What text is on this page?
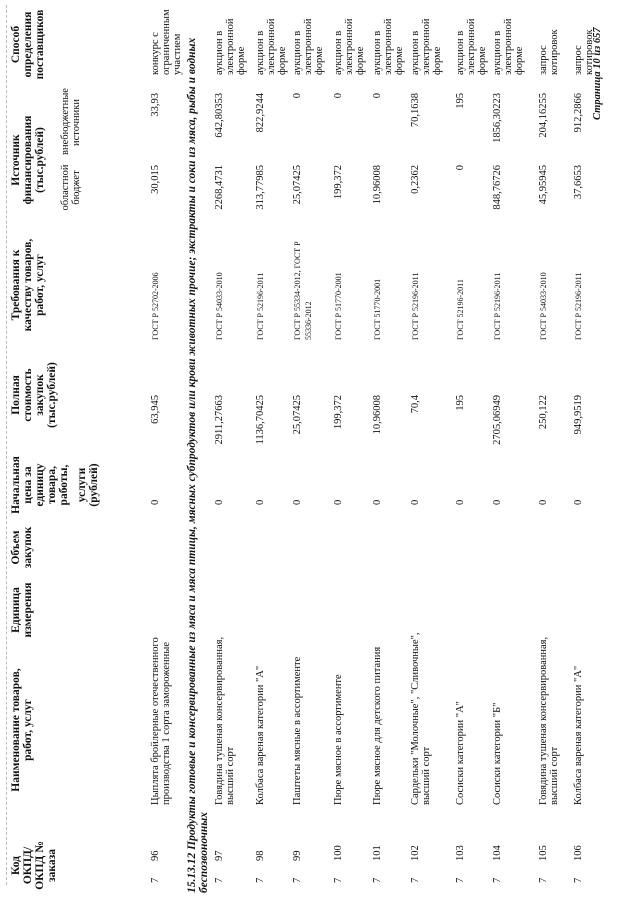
Код ОКПД/ ОКПД № заказа
Наименование товаров, работ, услуг
Единица измерения
Объем закупок
Начальная цена за единицу товара, работы, услуги (рублей)
Полная стоимость закупок (тыс.рублей)
Требования к качеству товаров, работ, услуг
Источник финансирования (тыс.рублей) областной бюджет
внебюджетные источники
Способ определения поставщиков
15.13.12 Продукты готовые и консервированные из мяса и мяса птицы, мясных субпродуктов или крови животных прочие; экстракты и соки из мяса, рыбы и водных беспозвоночных
7
96
Цыплята бройлерные отечественного производства 1 сорта замороженные
0
63,945
ГОСТ Р 52702-2006
30,015
33,93
конкурс с ограниченным участием
7
97
Говядина тушеная консервированная, высший сорт
0
2911,27663
ГОСТ Р 54033-2010
2268,4731
642,80353
аукцион в электронной форме
7
98
Колбаса вареная категории "А"
0
1136,70425
ГОСТ Р 52196-2011
313,77985
822,9244
аукцион в электронной форме
7
99
Паштеты мясные в ассортименте
0
25,07425
ГОСТ Р 55334-2012, ГОСТ Р 55336-2012
25,07425
0
аукцион в электронной форме
7
100
Пюре мясное в ассортименте
0
199,372
ГОСТ Р 51770-2001
199,372
0
аукцион в электронной форме
7
101
Пюре мясное для детского питания
0
10,96008
ГОСТ 51770-2001
10,96008
0
аукцион в электронной форме
7
102
Сардельки "Молочные", "Сливочные", высший сорт
0
70,4
ГОСТ Р 52196-2011
0,2362
70,1638
аукцион в электронной форме
7
103
Сосиски категории "А"
0
195
ГОСТ 52196-2011
0
195
аукцион в электронной форме
7
104
Сосиски категории "Б"
0
2705,06949
ГОСТ Р 52196-2011
848,76726
1856,30223
аукцион в электронной форме
7
105
Говядина тушеная консервированная, высший сорт
0
250,122
ГОСТ Р 54033-2010
45,95945
204,16255
запрос котировок
7
106
Колбаса вареная категории "А"
0
949,9519
ГОСТ Р 52196-2011
37,6653
912,2866
запрос котировок
Страница 10 из 657
